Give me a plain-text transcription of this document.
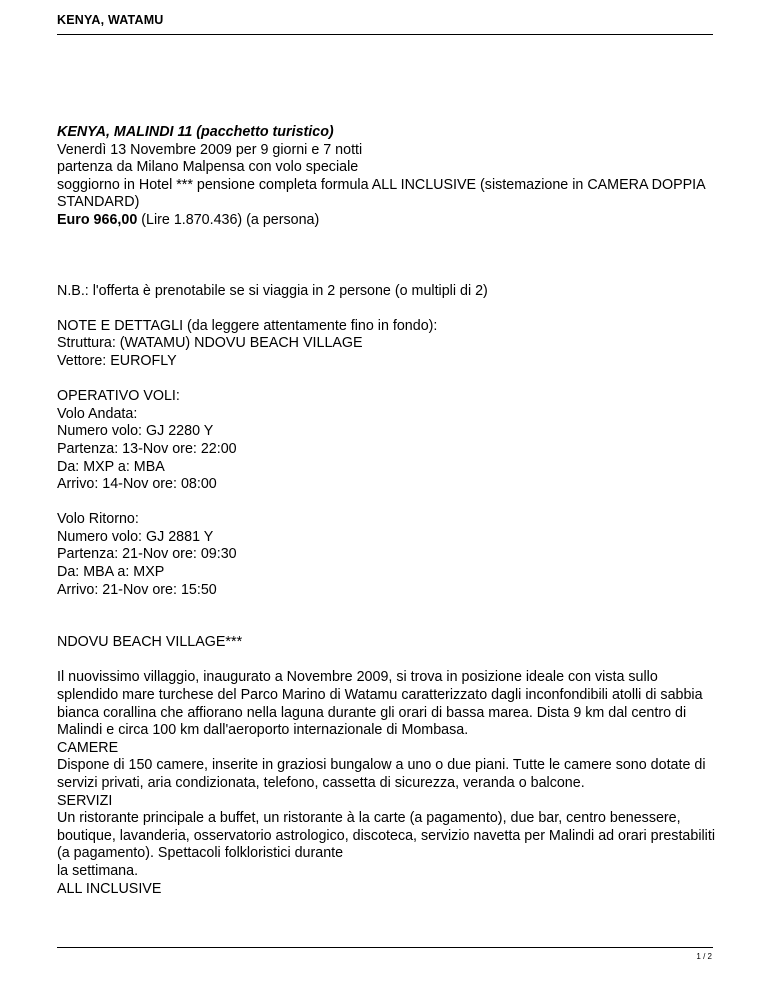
KENYA, WATAMU

KENYA, MALINDI 11 (pacchetto turistico)

Venerdì 13 Novembre 2009 per 9 giorni e 7 notti

partenza da Milano Malpensa con volo speciale

soggiorno in Hotel *** pensione completa formula ALL INCLUSIVE (sistemazione in CAMERA DOPPIA STANDARD)

Euro 966,00 (Lire 1.870.436) (a persona)

N.B.: l'offerta è prenotabile se si viaggia in 2 persone (o multipli di 2)

NOTE E DETTAGLI (da leggere attentamente fino in fondo):

Struttura: (WATAMU) NDOVU BEACH VILLAGE

Vettore: EUROFLY

OPERATIVO VOLI:

Volo Andata:

Numero volo: GJ 2280 Y

Partenza: 13-Nov ore: 22:00

Da: MXP a: MBA

Arrivo: 14-Nov ore: 08:00

Volo Ritorno:

Numero volo: GJ 2881 Y

Partenza: 21-Nov ore: 09:30

Da: MBA a: MXP

Arrivo: 21-Nov ore: 15:50

NDOVU BEACH VILLAGE***

Il nuovissimo villaggio, inaugurato a Novembre 2009, si trova in posizione ideale con vista sullo splendido mare turchese del Parco Marino di Watamu caratterizzato dagli inconfondibili atolli di sabbia bianca corallina che affiorano nella laguna durante gli orari di bassa marea. Dista 9 km dal centro di Malindi e circa 100 km dall'aeroporto internazionale di Mombasa.

CAMERE

Dispone di 150 camere, inserite in graziosi bungalow a uno o due piani. Tutte le camere sono dotate di servizi privati, aria condizionata, telefono, cassetta di sicurezza, veranda o balcone.

SERVIZI

Un ristorante principale a buffet, un ristorante à la carte (a pagamento), due bar, centro benessere, boutique, lavanderia, osservatorio astrologico, discoteca, servizio navetta per Malindi ad orari prestabiliti (a pagamento). Spettacoli folkloristici durante
la settimana.

ALL INCLUSIVE

1 / 2
